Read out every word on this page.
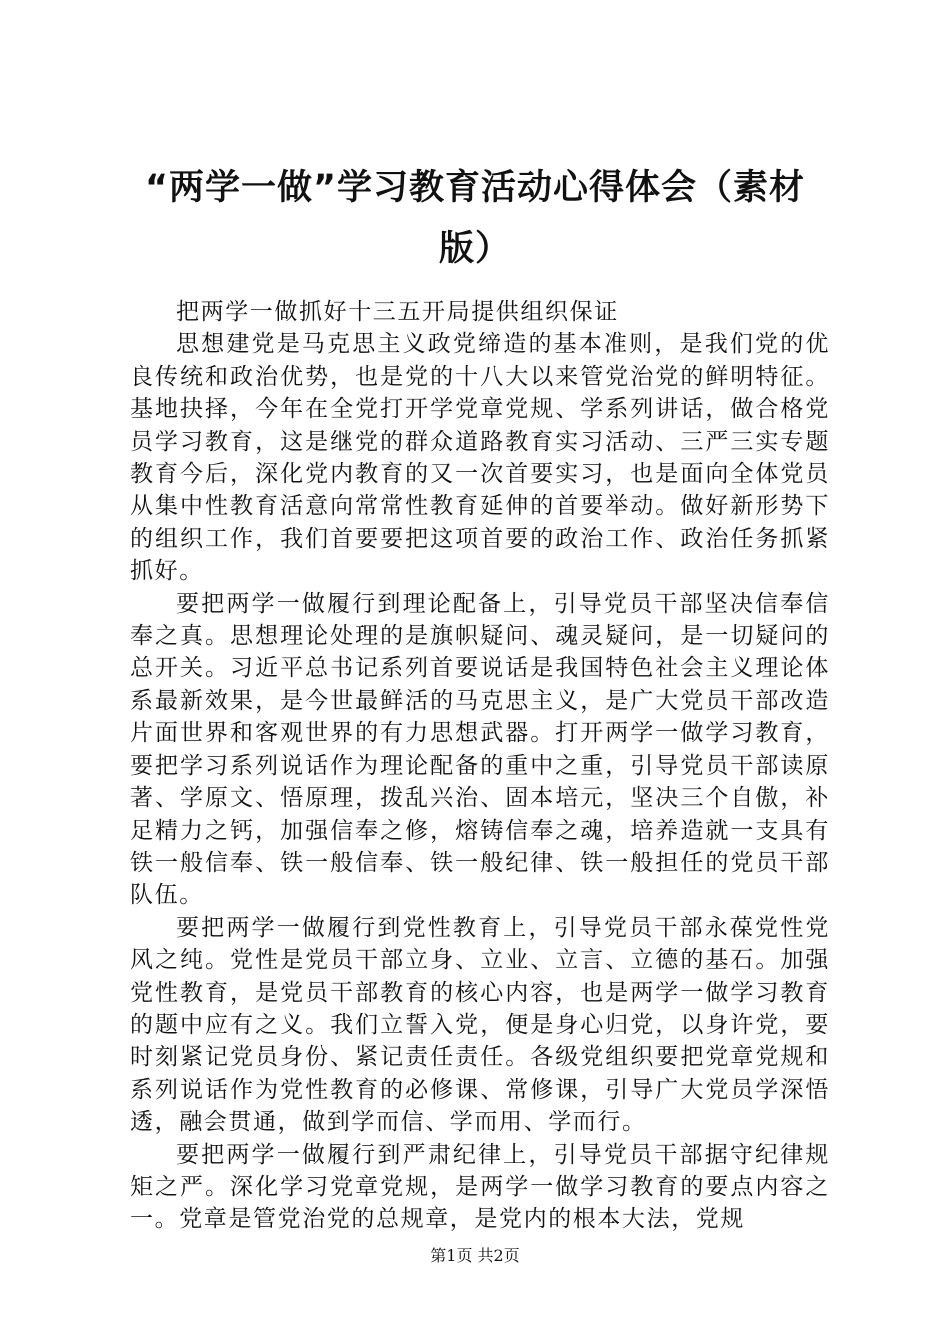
“两学一做”学习教育活动心得体会（素材版）

把两学一做抓好十三五开局提供组织保证

思想建党是马克思主义政党缔造的基本准则，是我们党的优良传统和政治优势，也是党的十八大以来管党治党的鲜明特征。基地抉择，今年在全党打开学党章党规、学系列讲话，做合格党员学习教育，这是继党的群众道路教育实习活动、三严三实专题教育今后，深化党内教育的又一次首要实习，也是面向全体党员从集中性教育活意向常常性教育延伸的首要举动。做好新形势下的组织工作，我们首要要把这项首要的政治工作、政治任务抓紧抓好。

要把两学一做履行到理论配备上，引导党员干部坚决信奉信奉之真。思想理论处理的是旗帜疑问、魂灵疑问，是一切疑问的总开关。习近平总书记系列首要说话是我国特色社会主义理论体系最新效果，是今世最鲜活的马克思主义，是广大党员干部改造片面世界和客观世界的有力思想武器。打开两学一做学习教育，要把学习系列说话作为理论配备的重中之重，引导党员干部读原著、学原文、悟原理，拨乱兴治、固本培元，坚决三个自傲，补足精力之钙，加强信奉之修，熔铸信奉之魂，培养造就一支具有铁一般信奉、铁一般信奉、铁一般纪律、铁一般担任的党员干部队伍。

要把两学一做履行到党性教育上，引导党员干部永葆党性党风之纯。党性是党员干部立身、立业、立言、立德的基石。加强党性教育，是党员干部教育的核心内容，也是两学一做学习教育的题中应有之义。我们立誓入党，便是身心归党，以身许党，要时刻紧记党员身份、紧记责任责任。各级党组织要把党章党规和系列说话作为党性教育的必修课、常修课，引导广大党员学深悟透，融会贯通，做到学而信、学而用、学而行。

要把两学一做履行到严肃纪律上，引导党员干部据守纪律规矩之严。深化学习党章党规，是两学一做学习教育的要点内容之一。党章是管党治党的总规章，是党内的根本大法，党规

第1页 共2页
